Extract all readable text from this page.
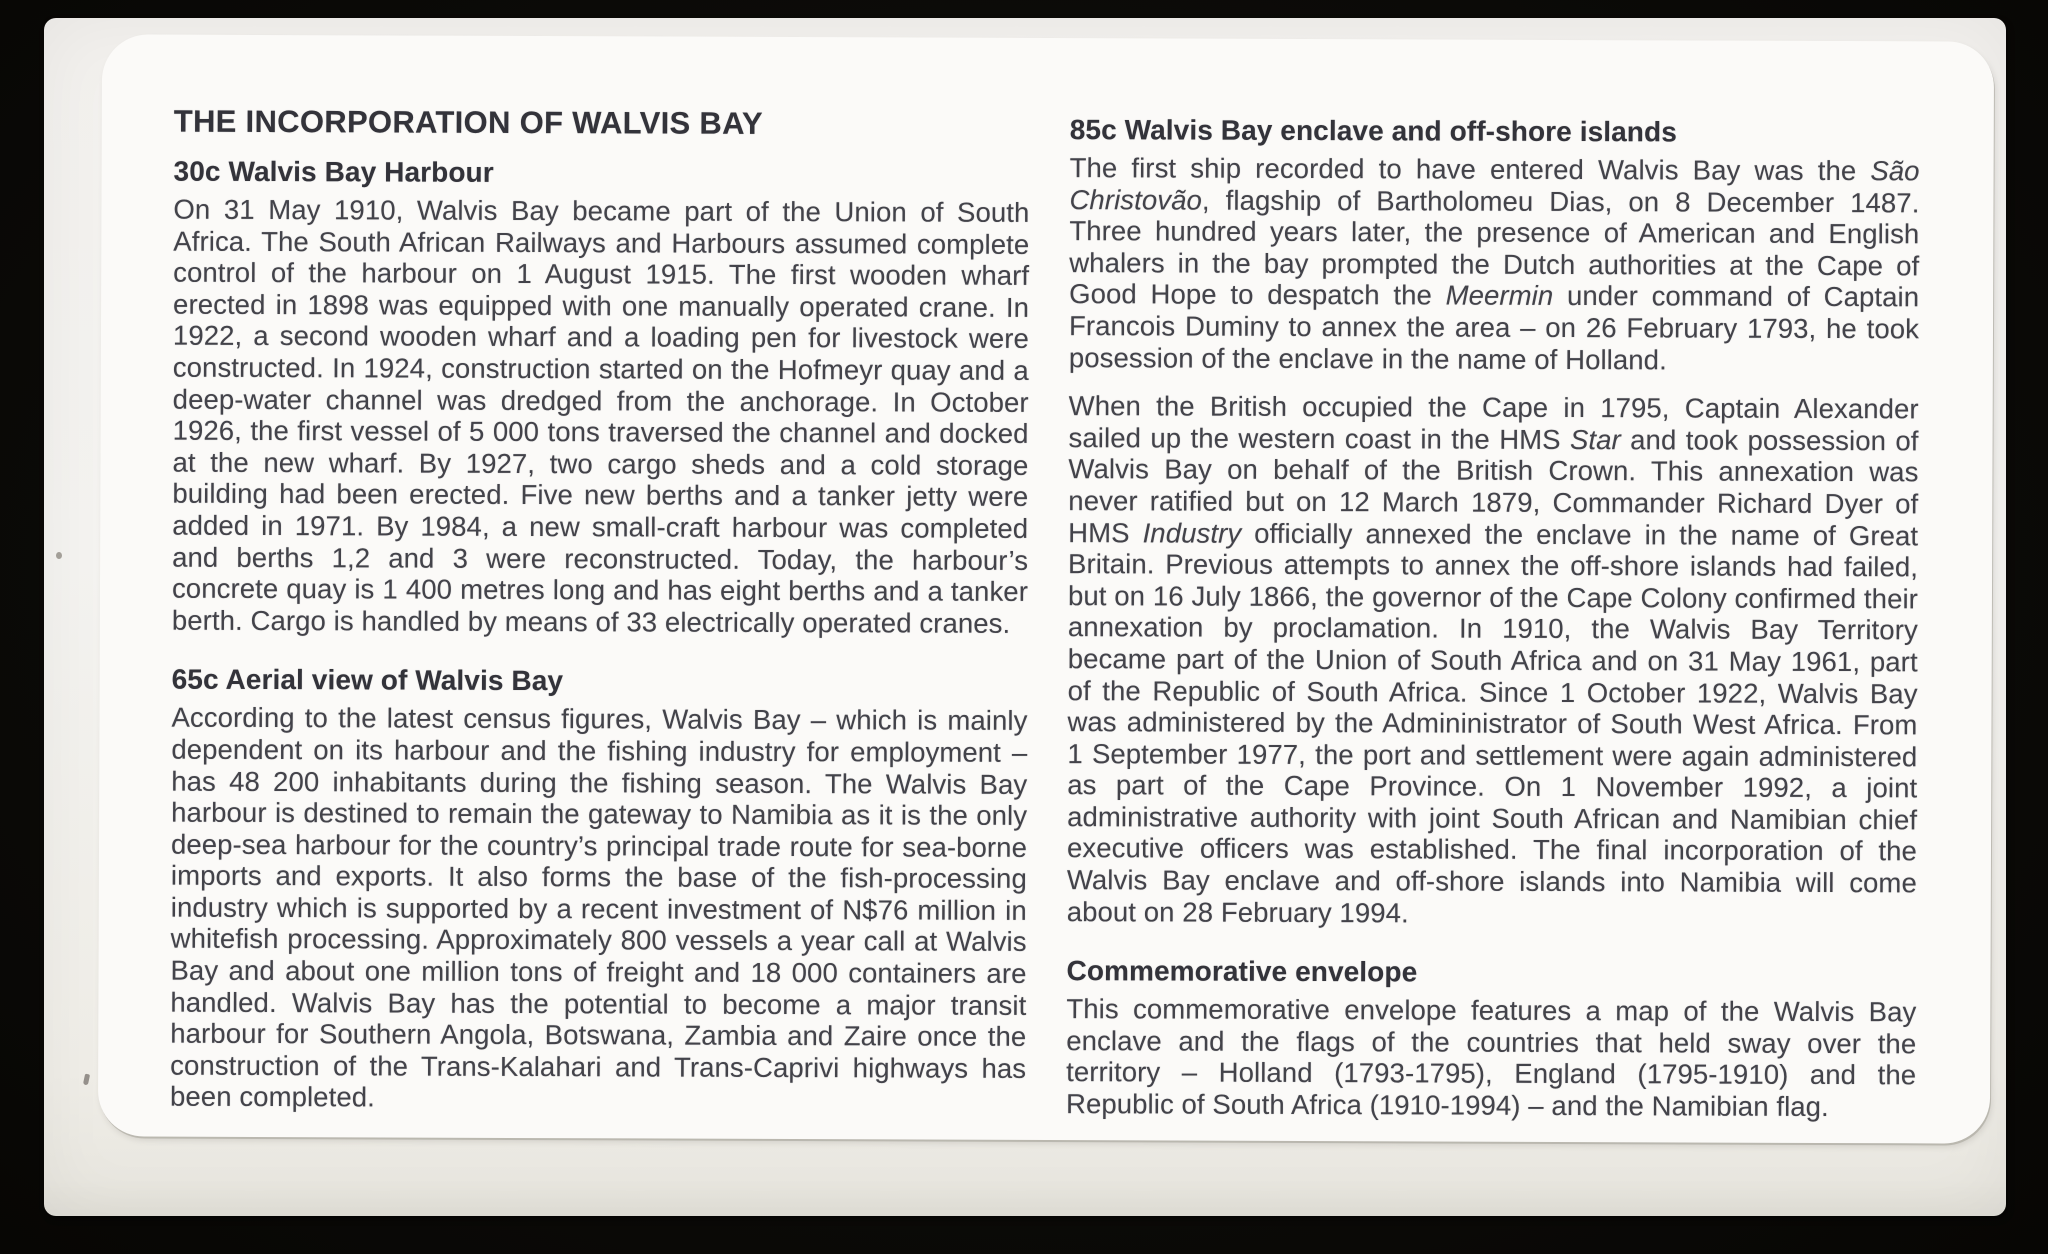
THE INCORPORATION OF WALVIS BAY
30c Walvis Bay Harbour

On 31 May 1910, Walvis Bay became part of the Union of South Africa. The South African Railways and Harbours assumed complete control of the harbour on 1 August 1915. The first wooden wharf erected in 1898 was equipped with one manually operated crane. In 1922, a second wooden wharf and a loading pen for livestock were constructed. In 1924, construction started on the Hofmeyr quay and a deep-water channel was dredged from the anchorage. In October 1926, the first vessel of 5 000 tons traversed the channel and docked at the new wharf. By 1927, two cargo sheds and a cold storage building had been erected. Five new berths and a tanker jetty were added in 1971. By 1984, a new small-craft harbour was completed and berths 1,2 and 3 were reconstructed. Today, the harbour’s concrete quay is 1 400 metres long and has eight berths and a tanker berth. Cargo is handled by means of 33 electrically operated cranes.

65c Aerial view of Walvis Bay

According to the latest census figures, Walvis Bay – which is mainly dependent on its harbour and the fishing industry for employment – has 48 200 inhabitants during the fishing season. The Walvis Bay harbour is destined to remain the gateway to Namibia as it is the only deep-sea harbour for the country’s principal trade route for sea-borne imports and exports. It also forms the base of the fish-processing industry which is supported by a recent investment of N$76 million in whitefish processing. Approximately 800 vessels a year call at Walvis Bay and about one million tons of freight and 18 000 containers are handled. Walvis Bay has the potential to become a major transit harbour for Southern Angola, Botswana, Zambia and Zaire once the construction of the Trans-Kalahari and Trans-Caprivi highways has been completed.

85c Walvis Bay enclave and off-shore islands

The first ship recorded to have entered Walvis Bay was the São Christovão, flagship of Bartholomeu Dias, on 8 December 1487. Three hundred years later, the presence of American and English whalers in the bay prompted the Dutch authorities at the Cape of Good Hope to despatch the Meermin under command of Captain Francois Duminy to annex the area – on 26 February 1793, he took posession of the enclave in the name of Holland.

When the British occupied the Cape in 1795, Captain Alexander sailed up the western coast in the HMS Star and took possession of Walvis Bay on behalf of the British Crown. This annexation was never ratified but on 12 March 1879, Commander Richard Dyer of HMS Industry officially annexed the enclave in the name of Great Britain. Previous attempts to annex the off-shore islands had failed, but on 16 July 1866, the governor of the Cape Colony confirmed their annexation by proclamation. In 1910, the Walvis Bay Territory became part of the Union of South Africa and on 31 May 1961, part of the Republic of South Africa. Since 1 October 1922, Walvis Bay was administered by the Admininistrator of South West Africa. From 1 September 1977, the port and settlement were again administered as part of the Cape Province. On 1 November 1992, a joint administrative authority with joint South African and Namibian chief executive officers was established. The final incorporation of the Walvis Bay enclave and off-shore islands into Namibia will come about on 28 February 1994.

Commemorative envelope

This commemorative envelope features a map of the Walvis Bay enclave and the flags of the countries that held sway over the territory – Holland (1793-1795), England (1795-1910) and the Republic of South Africa (1910-1994) – and the Namibian flag.
